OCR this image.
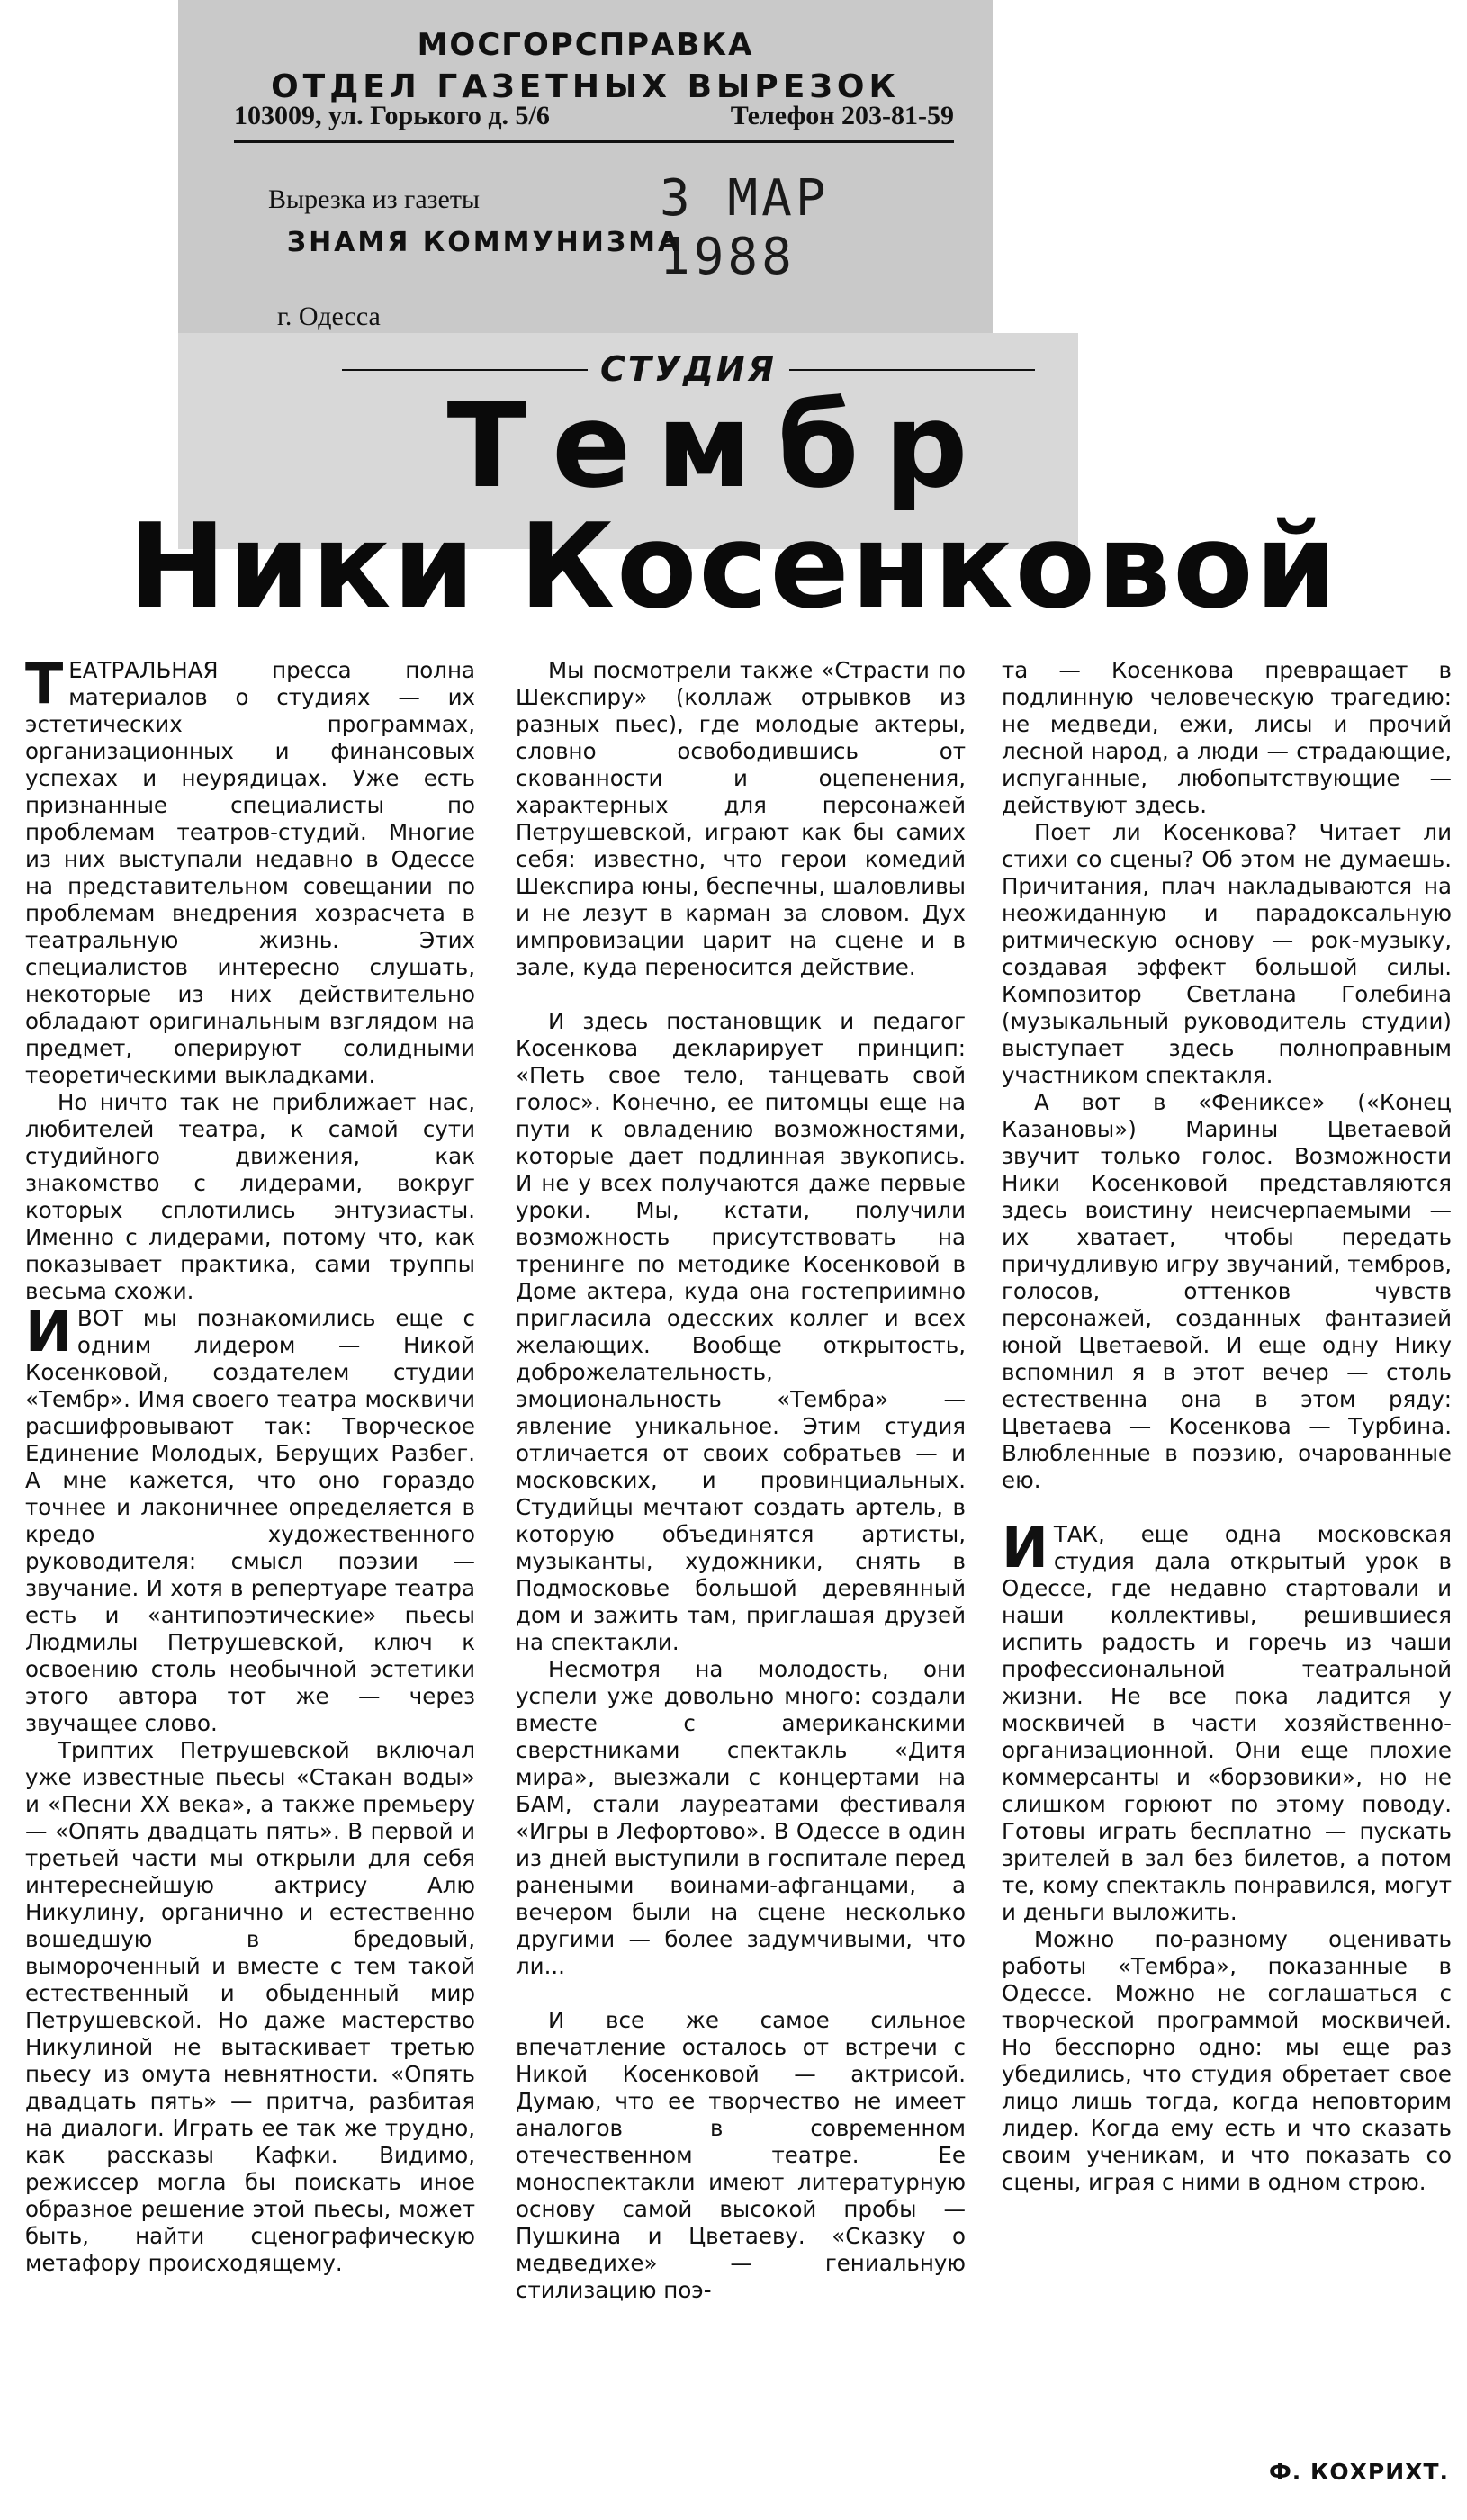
МОСГОРСПРАВКА
ОТДЕЛ ГАЗЕТНЫХ ВЫРЕЗОК
103009, ул. Горького д. 5/6	Телефон 203-81-59
Вырезка из газеты	3 МАР 1988
ЗНАМЯ КОММУНИЗМА
г. Одесса
СТУДИЯ
Тембр
Ники Косенковой

ТЕАТРАЛЬНАЯ пресса полна материалов о студиях — их эстетических программах, организационных и финансовых успехах и неурядицах. Уже есть признанные специалисты по проблемам театров-студий. Многие из них выступали недавно в Одессе на представительном совещании по проблемам внедрения хозрасчета в театральную жизнь. Этих специалистов интересно слушать, некоторые из них действительно обладают оригинальным взглядом на предмет, оперируют солидными теоретическими выкладками.

Но ничто так не приближает нас, любителей театра, к самой сути студийного движения, как знакомство с лидерами, вокруг которых сплотились энтузиасты. Именно с лидерами, потому что, как показывает практика, сами труппы весьма схожи.

И ВОТ мы познакомились еще с одним лидером — Никой Косенковой, создателем студии «Тембр». Имя своего театра москвичи расшифровывают так: Творческое Единение Молодых, Берущих Разбег. А мне кажется, что оно гораздо точнее и лаконичнее определяется в кредо художественного руководителя: смысл поэзии — звучание. И хотя в репертуаре театра есть и «антипоэтические» пьесы Людмилы Петрушевской, ключ к освоению столь необычной эстетики этого автора тот же — через звучащее слово.

Триптих Петрушевской включал уже известные пьесы «Стакан воды» и «Песни XX века», а также премьеру — «Опять двадцать пять». В первой и третьей части мы открыли для себя интереснейшую актрису Алю Никулину, органично и естественно вошедшую в бредовый, вымороченный и вместе с тем такой естественный и обыденный мир Петрушевской. Но даже мастерство Никулиной не вытаскивает третью пьесу из омута невнятности. «Опять двадцать пять» — притча, разбитая на диалоги. Играть ее так же трудно, как рассказы Кафки. Видимо, режиссер могла бы поискать иное образное решение этой пьесы, может быть, найти сценографическую метафору происходящему.

Мы посмотрели также «Страсти по Шекспиру» (коллаж отрывков из разных пьес), где молодые актеры, словно освободившись от скованности и оцепенения, характерных для персонажей Петрушевской, играют как бы самих себя: известно, что герои комедий Шекспира юны, беспечны, шаловливы и не лезут в карман за словом. Дух импровизации царит на сцене и в зале, куда переносится действие.

И здесь постановщик и педагог Косенкова декларирует принцип: «Петь свое тело, танцевать свой голос». Конечно, ее питомцы еще на пути к овладению возможностями, которые дает подлинная звукопись. И не у всех получаются даже первые уроки. Мы, кстати, получили возможность присутствовать на тренинге по методике Косенковой в Доме актера, куда она гостеприимно пригласила одесских коллег и всех желающих. Вообще открытость, доброжелательность, эмоциональность «Тембра» — явление уникальное. Этим студия отличается от своих собратьев — и московских, и провинциальных. Студийцы мечтают создать артель, в которую объединятся артисты, музыканты, художники, снять в Подмосковье большой деревянный дом и зажить там, приглашая друзей на спектакли.

Несмотря на молодость, они успели уже довольно много: создали вместе с американскими сверстниками спектакль «Дитя мира», выезжали с концертами на БАМ, стали лауреатами фестиваля «Игры в Лефортово». В Одессе в один из дней выступили в госпитале перед ранеными воинами-афганцами, а вечером были на сцене несколько другими — более задумчивыми, что ли...

И все же самое сильное впечатление осталось от встречи с Никой Косенковой — актрисой. Думаю, что ее творчество не имеет аналогов в современном отечественном театре. Ее моноспектакли имеют литературную основу самой высокой пробы — Пушкина и Цветаеву. «Сказку о медведихе» — гениальную стилизацию поэ-

та — Косенкова превращает в подлинную человеческую трагедию: не медведи, ежи, лисы и прочий лесной народ, а люди — страдающие, испуганные, любопытствующие — действуют здесь.

Поет ли Косенкова? Читает ли стихи со сцены? Об этом не думаешь. Причитания, плач накладываются на неожиданную и парадоксальную ритмическую основу — рок-музыку, создавая эффект большой силы. Композитор Светлана Голебина (музыкальный руководитель студии) выступает здесь полноправным участником спектакля.

А вот в «Фениксе» («Конец Казановы») Марины Цветаевой звучит только голос. Возможности Ники Косенковой представляются здесь воистину неисчерпаемыми — их хватает, чтобы передать причудливую игру звучаний, тембров, голосов, оттенков чувств персонажей, созданных фантазией юной Цветаевой. И еще одну Нику вспомнил я в этот вечер — столь естественна она в этом ряду: Цветаева — Косенкова — Турбина. Влюбленные в поэзию, очарованные ею.

ИТАК, еще одна московская студия дала открытый урок в Одессе, где недавно стартовали и наши коллективы, решившиеся испить радость и горечь из чаши профессиональной театральной жизни. Не все пока ладится у москвичей в части хозяйственно-организационной. Они еще плохие коммерсанты и «борзовики», но не слишком горюют по этому поводу. Готовы играть бесплатно — пускать зрителей в зал без билетов, а потом те, кому спектакль понравился, могут и деньги выложить.

Можно по-разному оценивать работы «Тембра», показанные в Одессе. Можно не соглашаться с творческой программой москвичей. Но бесспорно одно: мы еще раз убедились, что студия обретает свое лицо лишь тогда, когда неповторим лидер. Когда ему есть и что сказать своим ученикам, и что показать со сцены, играя с ними в одном строю.

Ф. КОХРИХТ.
